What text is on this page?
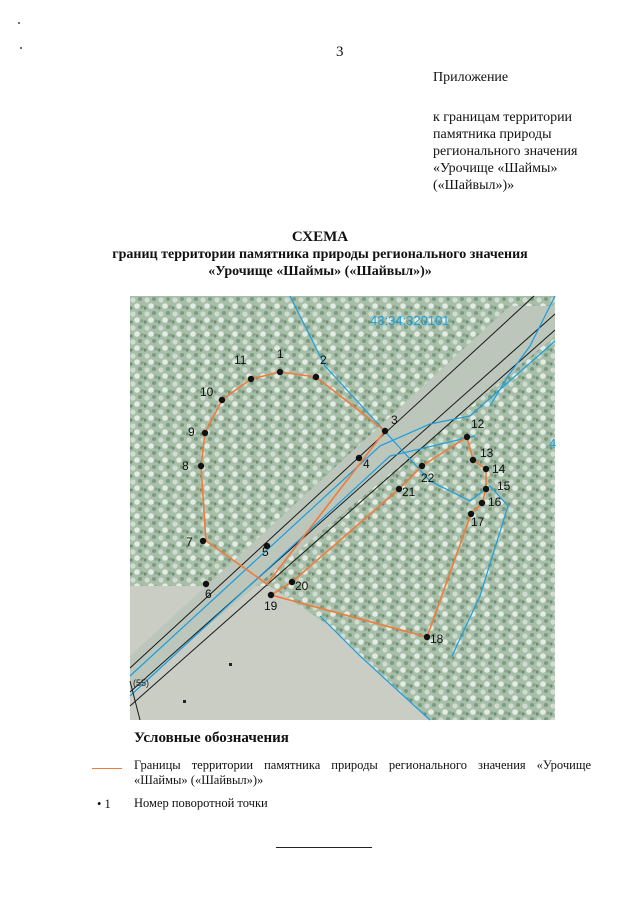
3
Приложение
к границам территории
памятника природы
регионального значения
«Урочище «Шаймы»
(«Шайвыл»)»
СХЕМА
границ территории памятника природы регионального значения
«Урочище «Шаймы» («Шайвыл»)»
1	2
3
4
5
6
7
8
9
10
11
12
13
14
15
16
17
18
19
20
21
22
43:34:320101
4
(55)
Условные обозначения
Границы территории памятника природы регионального значения «Урочище «Шаймы» («Шайвыл»)»
• 1 Номер поворотной точки
